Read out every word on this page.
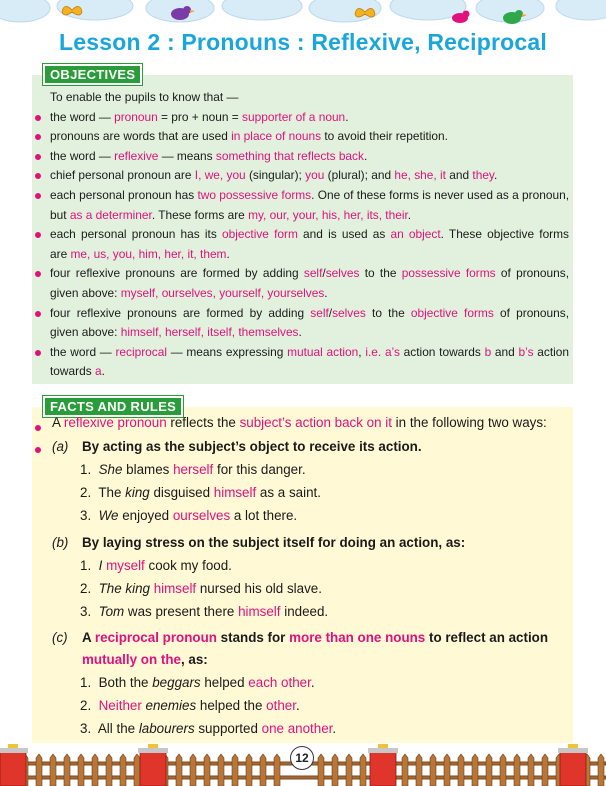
Lesson 2 : Pronouns : Reflexive, Reciprocal
OBJECTIVES
To enable the pupils to know that —
the word — pronoun = pro + noun = supporter of a noun.
pronouns are words that are used in place of nouns to avoid their repetition.
the word — reflexive — means something that reflects back.
chief personal pronoun are I, we, you (singular); you (plural); and he, she, it and they.
each personal pronoun has two possessive forms. One of these forms is never used as a pronoun,
but as a determiner. These forms are my, our, your, his, her, its, their.
each personal pronoun has its objective form and is used as an object. These objective forms
are me, us, you, him, her, it, them.
four reflexive pronouns are formed by adding self/selves to the possessive forms of pronouns,
given above: myself, ourselves, yourself, yourselves.
four reflexive pronouns are formed by adding self/selves to the objective forms of pronouns,
given above: himself, herself, itself, themselves.
the word — reciprocal — means expressing mutual action, i.e. a’s action towards b and b’s action
towards a.
FACTS AND RULES
A reflexive pronoun reflects the subject’s action back on it in the following two ways:
(a) By acting as the subject’s object to receive its action.
1. She blames herself for this danger.
2. The king disguised himself as a saint.
3. We enjoyed ourselves a lot there.
(b) By laying stress on the subject itself for doing an action, as:
1. I myself cook my food.
2. The king himself nursed his old slave.
3. Tom was present there himself indeed.
(c) A reciprocal pronoun stands for more than one nouns to reflect an action
mutually on the, as:
1. Both the beggars helped each other.
2. Neither enemies helped the other.
3. All the labourers supported one another.
12
